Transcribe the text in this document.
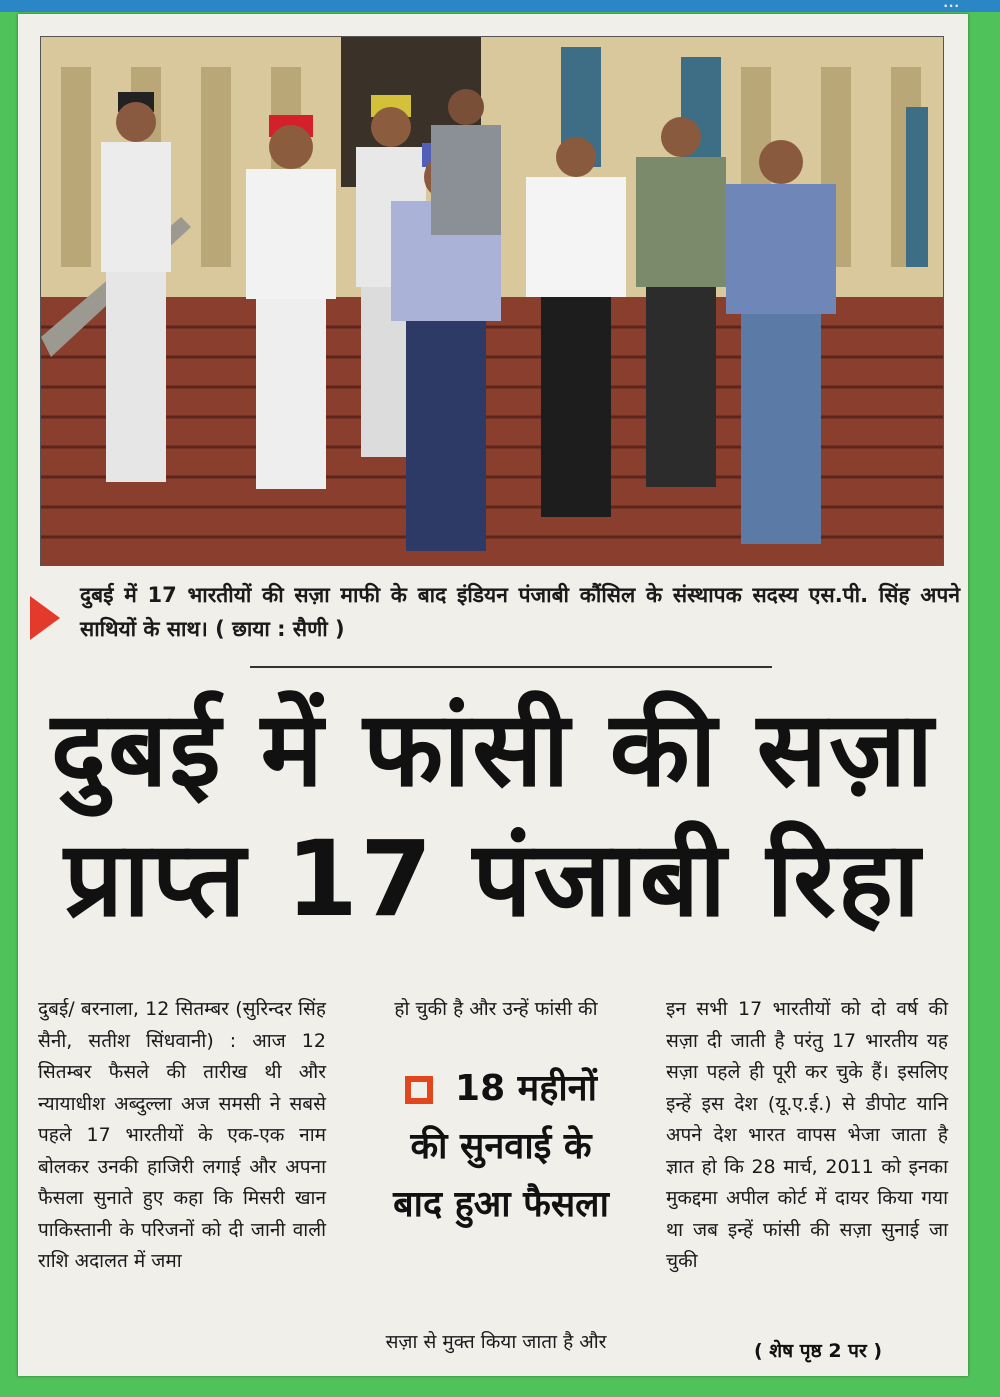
...
दुबई में 17 भारतीयों की सज़ा माफी के बाद इंडियन पंजाबी कौंसिल के संस्थापक सदस्य एस.पी. सिंह अपने साथियों के साथ। ( छाया : सैणी )
दुबई में फांसी की सज़ा
प्राप्त 17 पंजाबी रिहा
दुबई/ बरनाला, 12 सितम्बर (सुरिन्दर सिंह सैनी, सतीश सिंधवानी) : आज 12 सितम्बर फैसले की तारीख थी और न्यायाधीश अब्दुल्ला अज समसी ने सबसे पहले 17 भारतीयों के एक-एक नाम बोलकर उनकी हाजिरी लगाई और अपना फैसला सुनाते हुए कहा कि मिसरी खान पाकिस्तानी के परिजनों को दी जानी वाली राशि अदालत में जमा
हो चुकी है और उन्हें फांसी की
18 महीनों
की सुनवाई के
बाद हुआ फैसला
सज़ा से मुक्त किया जाता है और
इन सभी 17 भारतीयों को दो वर्ष की सज़ा दी जाती है परंतु 17 भारतीय यह सज़ा पहले ही पूरी कर चुके हैं। इसलिए इन्हें इस देश (यू.ए.ई.) से डीपोट यानि अपने देश भारत वापस भेजा जाता है ज्ञात हो कि 28 मार्च, 2011 को इनका मुकद्दमा अपील कोर्ट में दायर किया गया था जब इन्हें फांसी की सज़ा सुनाई जा चुकी
( शेष पृष्ठ 2 पर )
